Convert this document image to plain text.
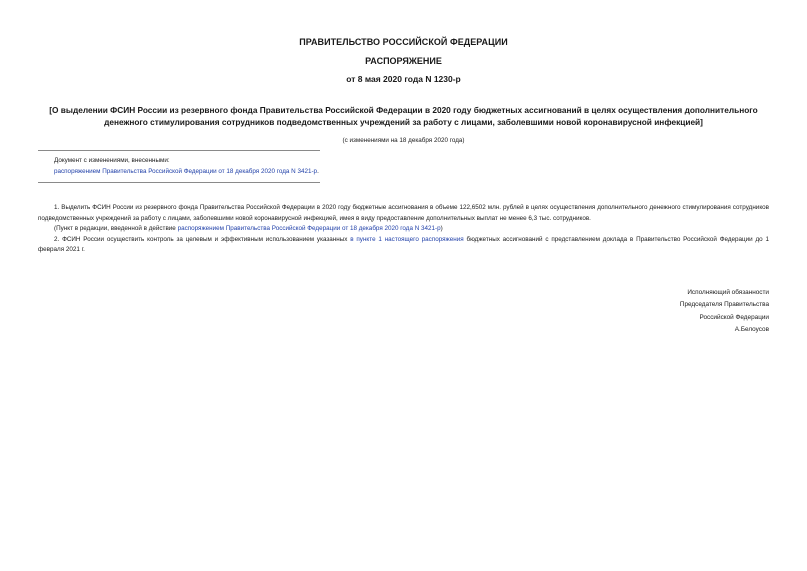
ПРАВИТЕЛЬСТВО РОССИЙСКОЙ ФЕДЕРАЦИИ
РАСПОРЯЖЕНИЕ
от 8 мая 2020 года N 1230-р
[О выделении ФСИН России из резервного фонда Правительства Российской Федерации в 2020 году бюджетных ассигнований в целях осуществления дополнительного денежного стимулирования сотрудников подведомственных учреждений за работу с лицами, заболевшими новой коронавирусной инфекцией]
(с изменениями на 18 декабря 2020 года)
Документ с изменениями, внесенными:
распоряжением Правительства Российской Федерации от 18 декабря 2020 года N 3421-р.

1. Выделить ФСИН России из резервного фонда Правительства Российской Федерации в 2020 году бюджетные ассигнования в объеме 122,6502 млн. рублей в целях осуществления дополнительного денежного стимулирования сотрудников подведомственных учреждений за работу с лицами, заболевшими новой коронавирусной инфекцией, имея в виду предоставление дополнительных выплат не менее 6,3 тыс. сотрудников.

(Пункт в редакции, введенной в действие распоряжением Правительства Российской Федерации от 18 декабря 2020 года N 3421-р)

2. ФСИН России осуществить контроль за целевым и эффективным использованием указанных в пункте 1 настоящего распоряжения бюджетных ассигнований с представлением доклада в Правительство Российской Федерации до 1 февраля 2021 г.

Исполняющий обязанности
Председателя Правительства
Российской Федерации
А.Белоусов
